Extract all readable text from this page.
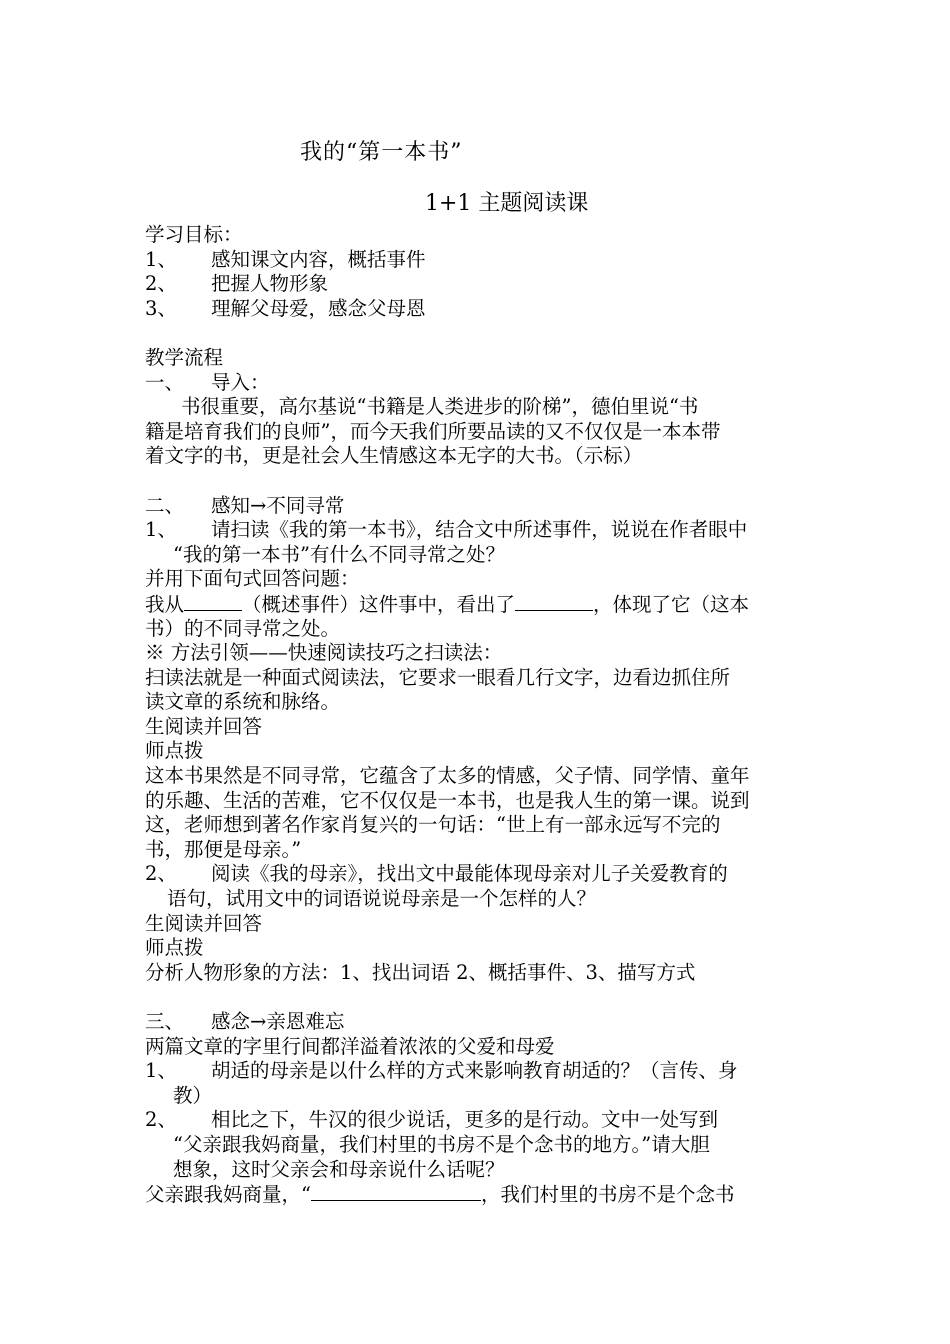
我的“第一本书”
1+1 主题阅读课
学习目标：
1、 感知课文内容，概括事件
2、 把握人物形象
3、 理解父母爱，感念父母恩
教学流程
一、 导入：
书很重要，高尔基说“书籍是人类进步的阶梯”，德伯里说“书
籍是培育我们的良师”，而今天我们所要品读的又不仅仅是一本本带
着文字的书，更是社会人生情感这本无字的大书。（示标）
二、 感知→不同寻常
1、 请扫读《我的第一本书》，结合文中所述事件，说说在作者眼中
“我的第一本书”有什么不同寻常之处？
并用下面句式回答问题：
我从	（概述事件）这件事中，看出了	，体现了它（这本
书）的不同寻常之处。
※ 方法引领——快速阅读技巧之扫读法：
扫读法就是一种面式阅读法，它要求一眼看几行文字，边看边抓住所
读文章的系统和脉络。
生阅读并回答
师点拨
这本书果然是不同寻常，它蕴含了太多的情感，父子情、同学情、童年
的乐趣、生活的苦难，它不仅仅是一本书，也是我人生的第一课。说到
这，老师想到著名作家肖复兴的一句话：“世上有一部永远写不完的
书，那便是母亲。”
2、 阅读《我的母亲》，找出文中最能体现母亲对儿子关爱教育的
语句，试用文中的词语说说母亲是一个怎样的人？
生阅读并回答
师点拨
分析人物形象的方法：1、找出词语 2、概括事件、3、描写方式
三、 感念→亲恩难忘
两篇文章的字里行间都洋溢着浓浓的父爱和母爱
1、 胡适的母亲是以什么样的方式来影响教育胡适的？（言传、身
教）
2、 相比之下，牛汉的很少说话，更多的是行动。文中一处写到
“父亲跟我妈商量，我们村里的书房不是个念书的地方。”请大胆
想象，这时父亲会和母亲说什么话呢？
父亲跟我妈商量，“	，我们村里的书房不是个念书
